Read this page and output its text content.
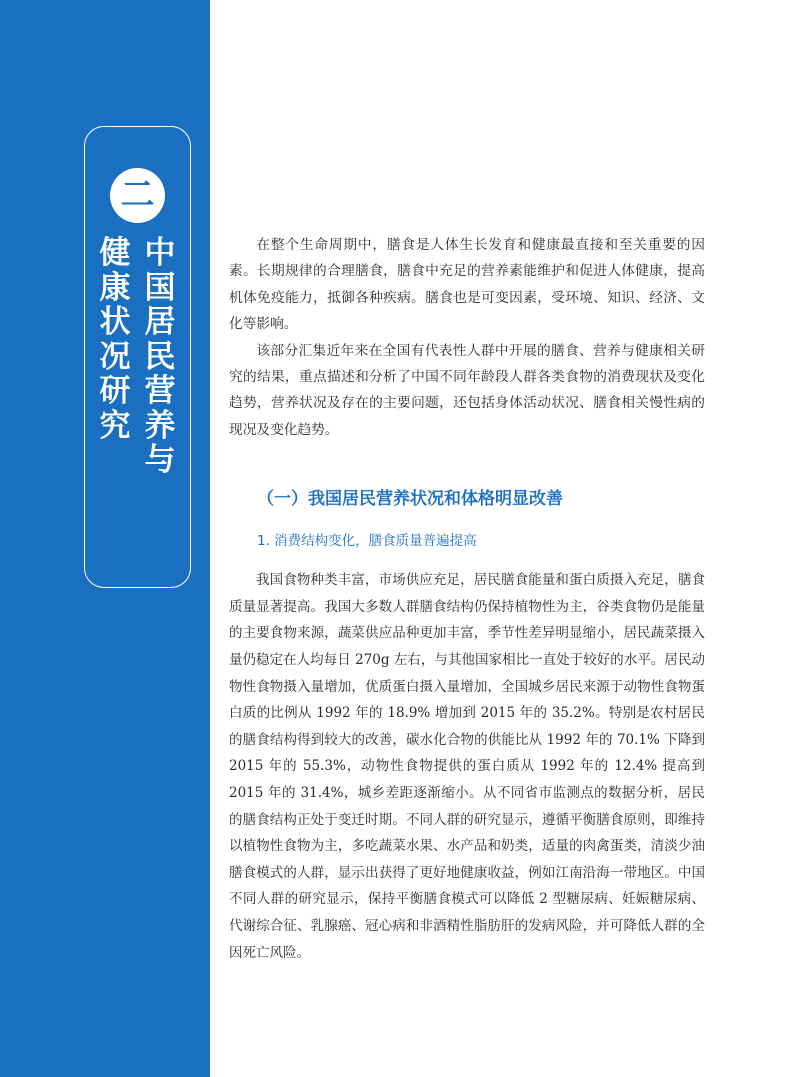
二
中国居民营养与
健康状况研究

在整个生命周期中，膳食是人体生长发育和健康最直接和至关重要的因素。长期规律的合理膳食，膳食中充足的营养素能维护和促进人体健康，提高机体免疫能力，抵御各种疾病。膳食也是可变因素，受环境、知识、经济、文化等影响。

该部分汇集近年来在全国有代表性人群中开展的膳食、营养与健康相关研究的结果，重点描述和分析了中国不同年龄段人群各类食物的消费现状及变化趋势，营养状况及存在的主要问题，还包括身体活动状况、膳食相关慢性病的现况及变化趋势。

（一）我国居民营养状况和体格明显改善
1. 消费结构变化，膳食质量普遍提高

我国食物种类丰富，市场供应充足，居民膳食能量和蛋白质摄入充足，膳食质量显著提高。我国大多数人群膳食结构仍保持植物性为主，谷类食物仍是能量的主要食物来源，蔬菜供应品种更加丰富，季节性差异明显缩小，居民蔬菜摄入量仍稳定在人均每日 270g 左右，与其他国家相比一直处于较好的水平。居民动物性食物摄入量增加，优质蛋白摄入量增加，全国城乡居民来源于动物性食物蛋白质的比例从 1992 年的 18.9% 增加到 2015 年的 35.2%。特别是农村居民的膳食结构得到较大的改善，碳水化合物的供能比从 1992 年的 70.1% 下降到 2015 年的 55.3%，动物性食物提供的蛋白质从 1992 年的 12.4% 提高到 2015 年的 31.4%，城乡差距逐渐缩小。从不同省市监测点的数据分析，居民的膳食结构正处于变迁时期。不同人群的研究显示，遵循平衡膳食原则，即维持以植物性食物为主，多吃蔬菜水果、水产品和奶类，适量的肉禽蛋类，清淡少油膳食模式的人群，显示出获得了更好地健康收益，例如江南沿海一带地区。中国不同人群的研究显示，保持平衡膳食模式可以降低 2 型糖尿病、妊娠糖尿病、代谢综合征、乳腺癌、冠心病和非酒精性脂肪肝的发病风险，并可降低人群的全因死亡风险。
